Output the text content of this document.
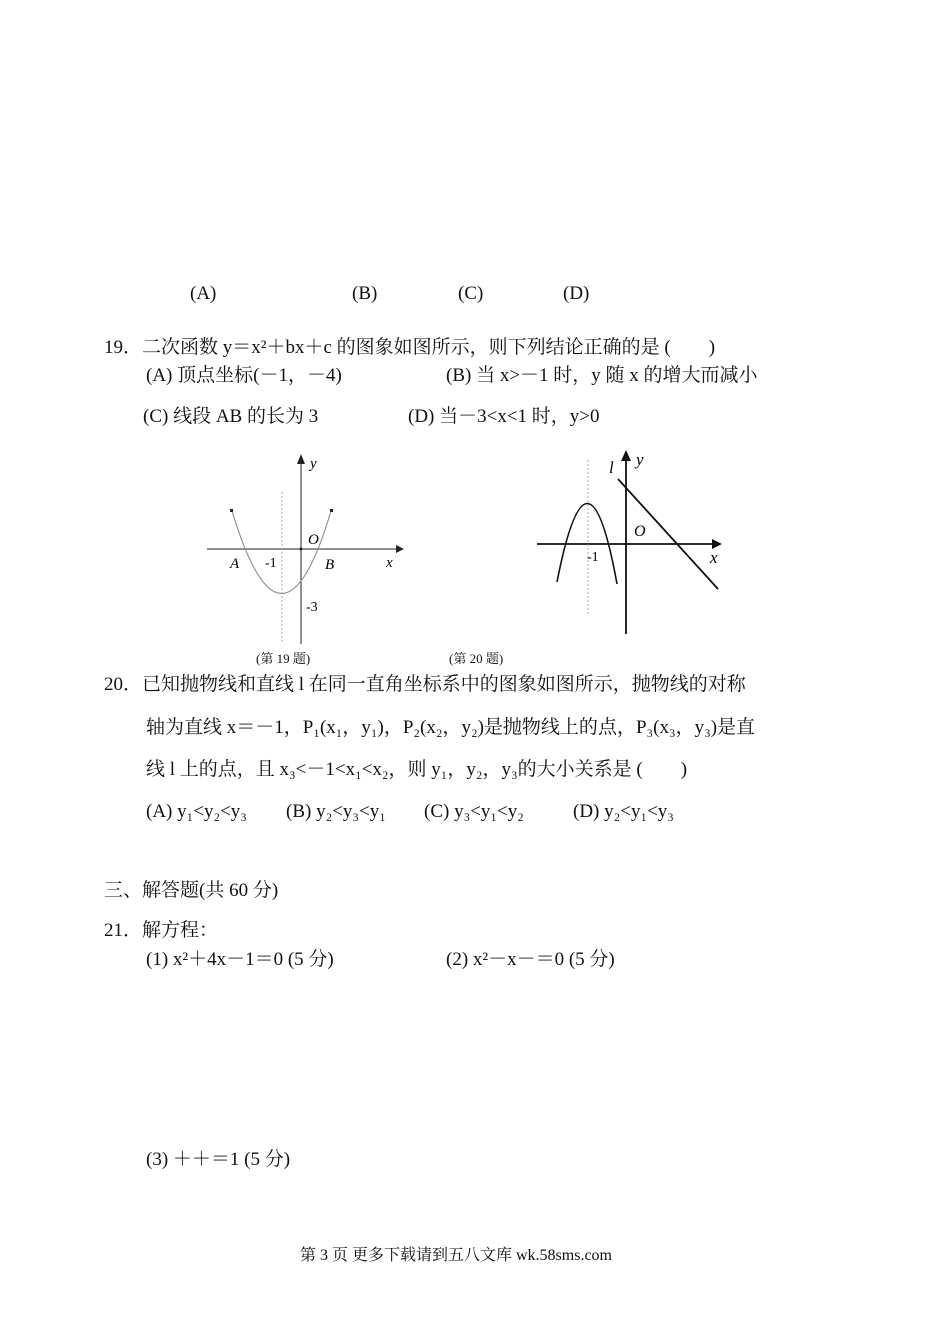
(A)	(B)	(C)	(D)
19．二次函数 y＝x²＋bx＋c 的图象如图所示，则下列结论正确的是 (　　)
(A) 顶点坐标(－1，－4)	(B) 当 x>－1 时，y 随 x 的增大而减小
(C) 线段 AB 的长为 3	(D) 当－3<x<1 时，y>0
y
O
x
A -1	B
-3
(第 19 题)
l y
O
x
-1
(第 20 题)
20．已知抛物线和直线 l 在同一直角坐标系中的图象如图所示，抛物线的对称
轴为直线 x＝－1，P₁(x₁，y₁)，P₂(x₂，y₂)是抛物线上的点，P₃(x₃，y₃)是直
线 l 上的点，且 x₃<－1<x₁<x₂，则 y₁，y₂，y₃的大小关系是 (　　)
(A) y₁<y₂<y₃ (B) y₂<y₃<y₁ (C) y₃<y₁<y₂	(D) y₂<y₁<y₃
三、解答题(共 60 分)
21．解方程：
(1) x²＋4x－1＝0 (5 分)	(2) x²－x－＝0 (5 分)
(3) ＋＋＝1 (5 分)
第 3 页 更多下载请到五八文库 wk.58sms.com
